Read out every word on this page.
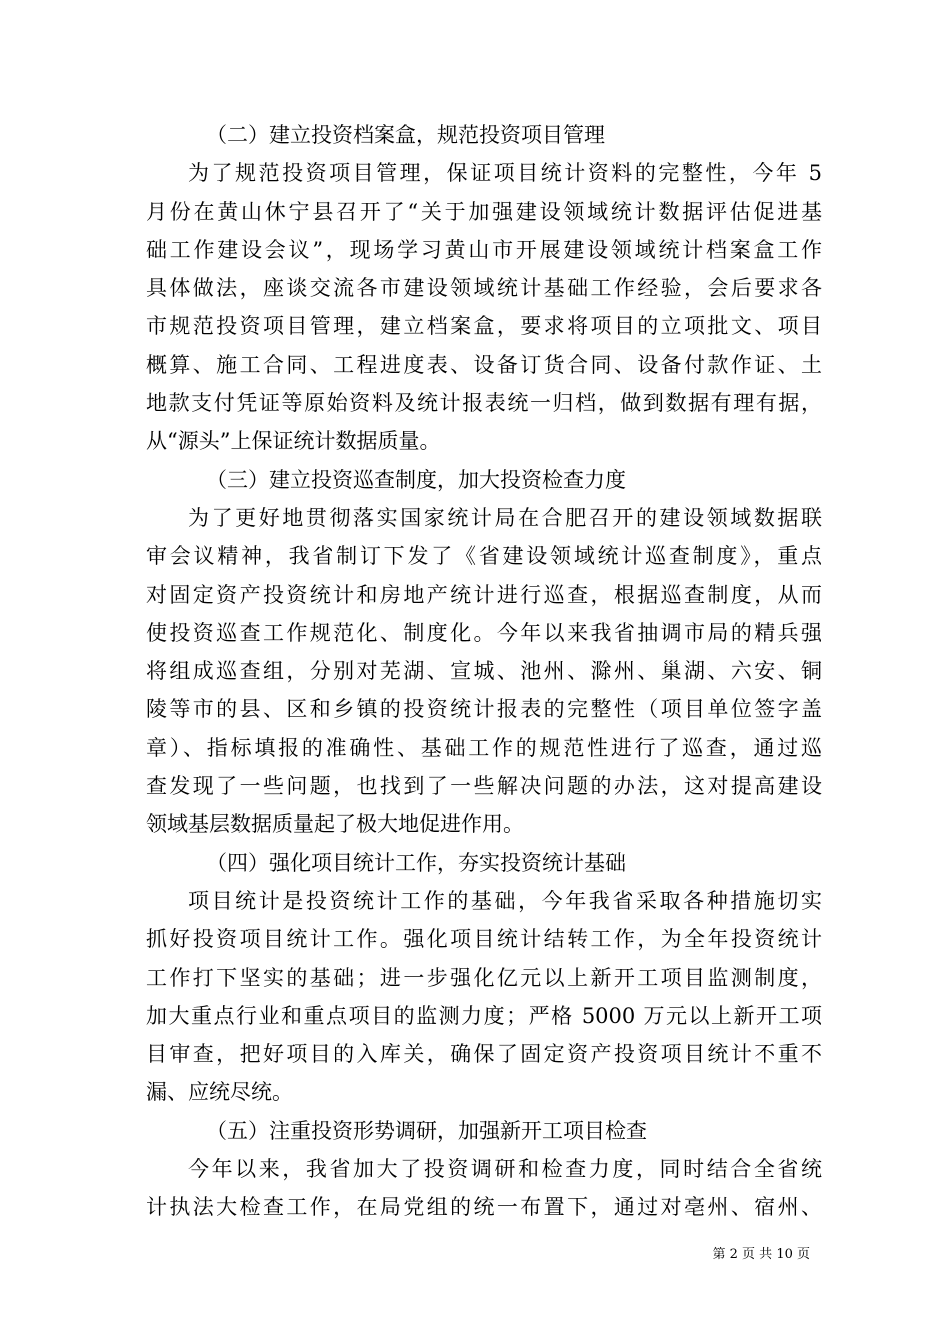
（二）建立投资档案盒，规范投资项目管理
为了规范投资项目管理，保证项目统计资料的完整性，今年 5
月份在黄山休宁县召开了“关于加强建设领域统计数据评估促进基
础工作建设会议”，现场学习黄山市开展建设领域统计档案盒工作
具体做法，座谈交流各市建设领域统计基础工作经验，会后要求各
市规范投资项目管理，建立档案盒，要求将项目的立项批文、项目
概算、施工合同、工程进度表、设备订货合同、设备付款作证、土
地款支付凭证等原始资料及统计报表统一归档，做到数据有理有据，
从“源头”上保证统计数据质量。
（三）建立投资巡查制度，加大投资检查力度
为了更好地贯彻落实国家统计局在合肥召开的建设领域数据联
审会议精神，我省制订下发了《省建设领域统计巡查制度》，重点
对固定资产投资统计和房地产统计进行巡查，根据巡查制度，从而
使投资巡查工作规范化、制度化。今年以来我省抽调市局的精兵强
将组成巡查组，分别对芜湖、宣城、池州、滁州、巢湖、六安、铜
陵等市的县、区和乡镇的投资统计报表的完整性（项目单位签字盖
章）、指标填报的准确性、基础工作的规范性进行了巡查，通过巡
查发现了一些问题，也找到了一些解决问题的办法，这对提高建设
领域基层数据质量起了极大地促进作用。
（四）强化项目统计工作，夯实投资统计基础
项目统计是投资统计工作的基础，今年我省采取各种措施切实
抓好投资项目统计工作。强化项目统计结转工作，为全年投资统计
工作打下坚实的基础；进一步强化亿元以上新开工项目监测制度，
加大重点行业和重点项目的监测力度；严格 5000 万元以上新开工项
目审查，把好项目的入库关，确保了固定资产投资项目统计不重不
漏、应统尽统。
（五）注重投资形势调研，加强新开工项目检查
今年以来，我省加大了投资调研和检查力度，同时结合全省统
计执法大检查工作，在局党组的统一布置下，通过对亳州、宿州、
第 2 页 共 10 页
